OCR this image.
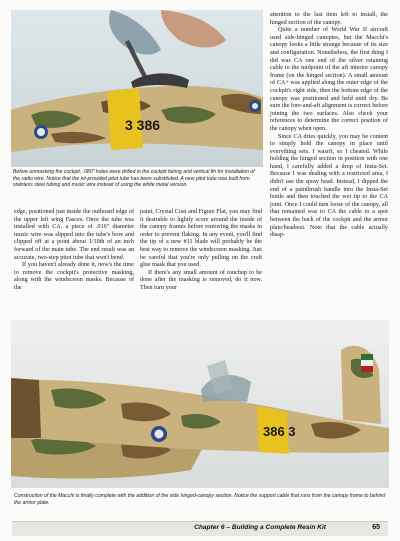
3 386
Before unmasking the cockpit, .080" holes were drilled in the cockpit fairing and vertical fin for installation of the radio wire. Notice that the kit-provided pitot tube has been substituted. A new pitot tube was built from stainless steel tubing and music wire instead of using the white metal version.

edge, positioned just inside the outboard edge of the upper left wing Fasces. Once the tube was installed with CA, a piece of .016" diameter music wire was slipped into the tube's bore and clipped off at a point about 1/10th of an inch forward of the main tube. The end result was an accurate, two-step pitot tube that won't bend.

If you haven't already done it, now's the time to remove the cockpit's protective masking, along with the windscreen masks. Because of the

paint, Crystal Coat and Figure Flat, you may find it desirable to lightly score around the inside of the canopy frames before removing the masks in order to prevent flaking. In any event, you'll find the tip of a new #11 blade will probably be the best way to remove the windscreen masking. Just be careful that you're only pulling on the craft glue mask that you used.

If there's any small amount of touchup to be done after the masking is removed, do it now. Then turn your

attention to the last item left to install, the hinged section of the canopy.

Quite a number of World War II aircraft used side-hinged canopies, but the Macchi's canopy looks a little strange because of its size and configuration. Nonetheless, the first thing I did was CA one end of the silver retaining cable to the midpoint of the aft interior canopy frame (on the hinged section). A small amount of CA+ was applied along the outer edge of the cockpit's right side, then the bottom edge of the canopy was positioned and held until dry. Be sure the fore-and-aft alignment is correct before joining the two surfaces. Also check your references to determine the correct position of the canopy when open.

Since CA dries quickly, you may be content to simply hold the canopy in place until everything sets. I wasn't, so I cheated. While holding the hinged section in position with one hand, I carefully added a drop of Insta-Set. Because I was dealing with a restricted area, I didn't use the spray head. Instead, I dipped the end of a paintbrush handle into the Insta-Set bottle and then touched the wet tip to the CA joint. Once I could turn loose of the canopy, all that remained was to CA the cable to a spot between the back of the cockpit and the armor plate/headrest. Note that the cable actually disap-

386 3
Construction of the Macchi is finally complete with the addition of the side hinged-canopy section. Notice the support cable that runs from the canopy frame to behind the armor plate.
Chapter 6 – Building a Complete Resin Kit	65
